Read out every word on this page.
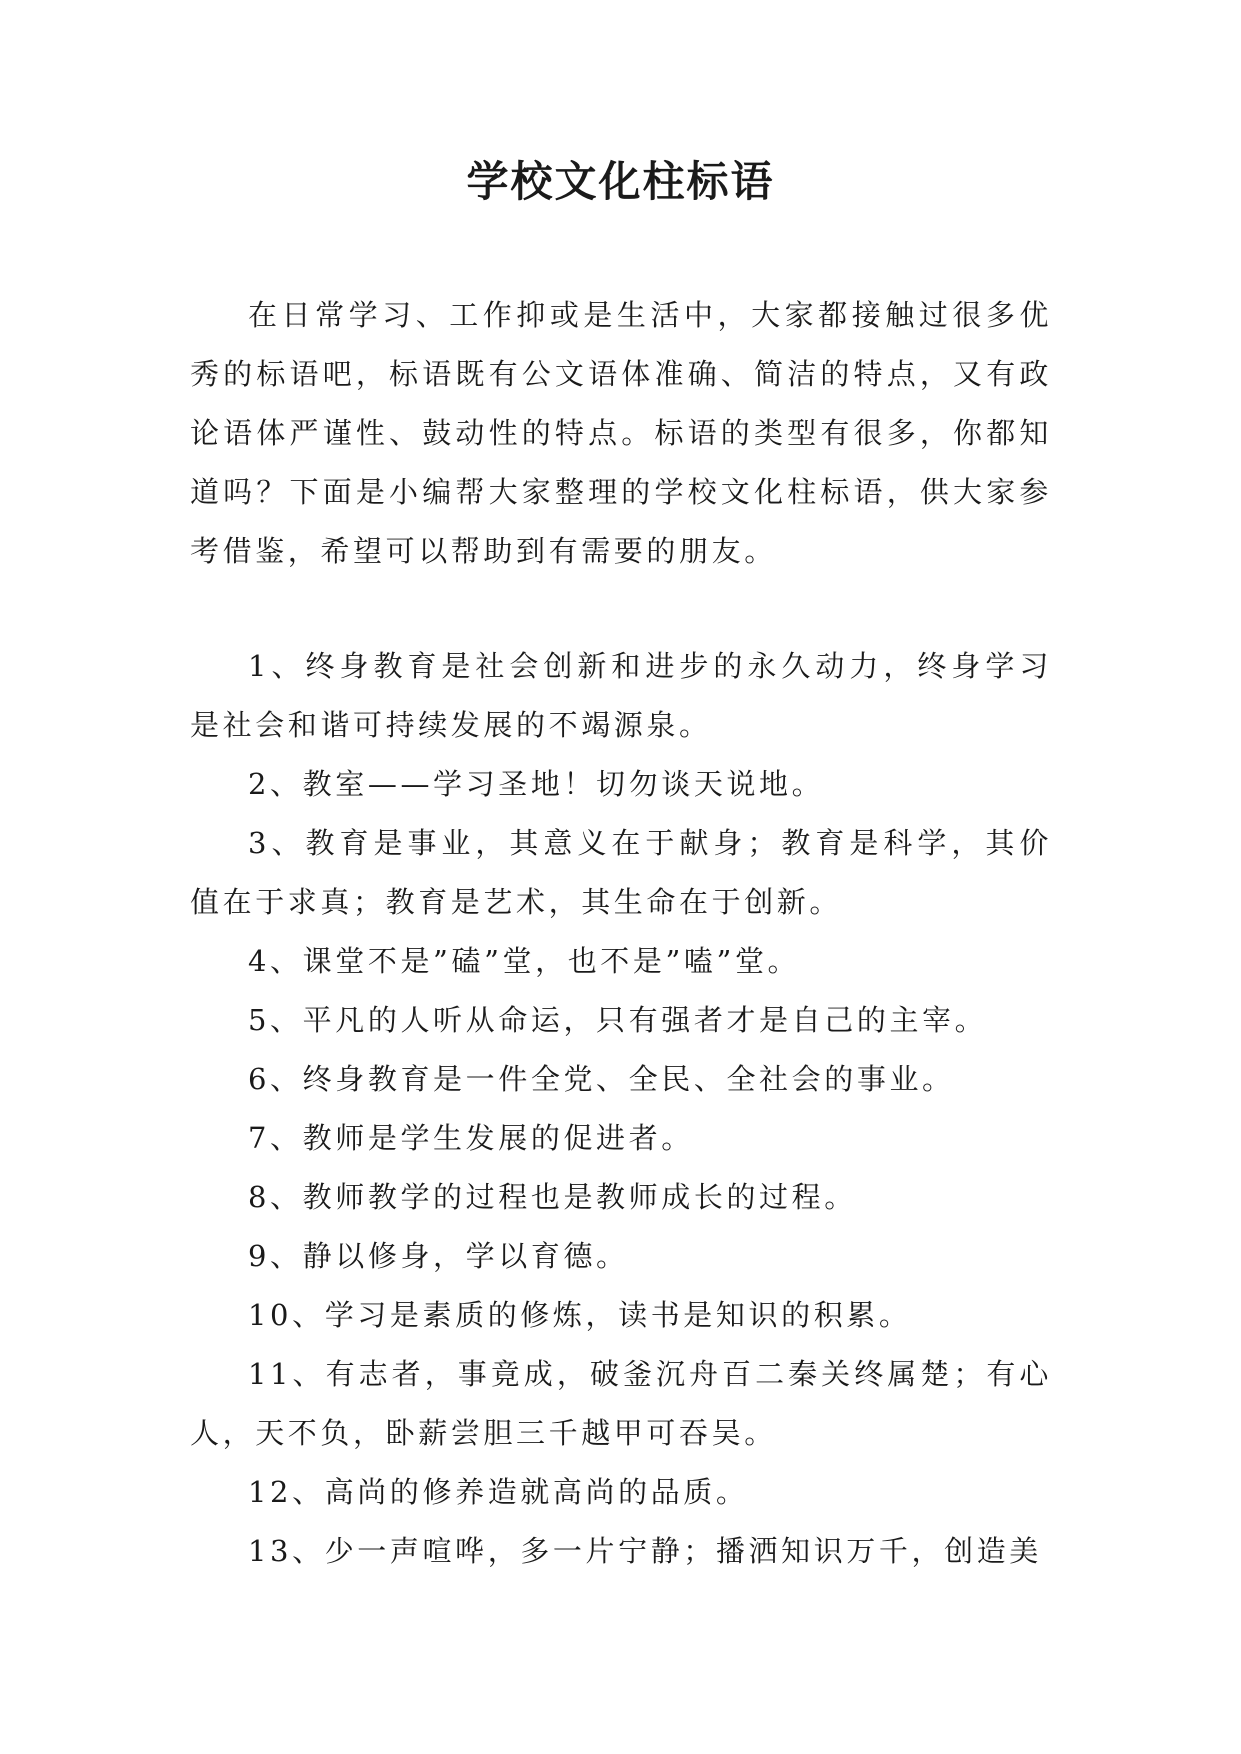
学校文化柱标语

在日常学习、工作抑或是生活中，大家都接触过很多优秀的标语吧，标语既有公文语体准确、简洁的特点，又有政论语体严谨性、鼓动性的特点。标语的类型有很多，你都知道吗？下面是小编帮大家整理的学校文化柱标语，供大家参考借鉴，希望可以帮助到有需要的朋友。

1、终身教育是社会创新和进步的永久动力，终身学习是社会和谐可持续发展的不竭源泉。

2、教室——学习圣地！切勿谈天说地。

3、教育是事业，其意义在于献身；教育是科学，其价值在于求真；教育是艺术，其生命在于创新。

4、课堂不是”磕”堂，也不是”嗑”堂。

5、平凡的人听从命运，只有强者才是自己的主宰。

6、终身教育是一件全党、全民、全社会的事业。

7、教师是学生发展的促进者。

8、教师教学的过程也是教师成长的过程。

9、静以修身，学以育德。

10、学习是素质的修炼，读书是知识的积累。

11、有志者，事竟成，破釜沉舟百二秦关终属楚；有心人，天不负，卧薪尝胆三千越甲可吞吴。

12、高尚的修养造就高尚的品质。

13、少一声喧哗，多一片宁静；播洒知识万千，创造美
